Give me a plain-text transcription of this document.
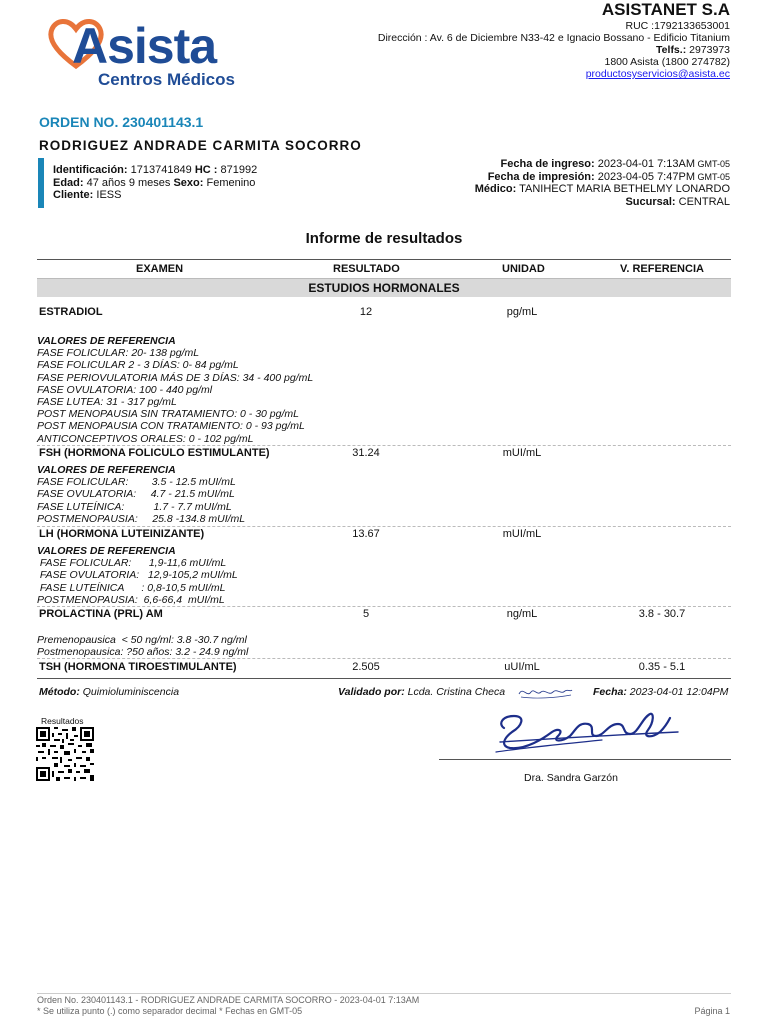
Asista
Centros Médicos
ASISTANET S.A
RUC :1792133653001
Dirección : Av. 6 de Diciembre N33-42 e Ignacio Bossano - Edificio Titanium
Telfs.: 2973973
1800 Asista (1800 274782)
productosyservicios@asista.ec
ORDEN NO. 230401143.1
RODRIGUEZ ANDRADE CARMITA SOCORRO
Identificación: 1713741849 HC : 871992
Edad: 47 años 9 meses Sexo: Femenino
Cliente: IESS
Fecha de ingreso: 2023-04-01 7:13AM GMT-05
Fecha de impresión: 2023-04-05 7:47PM GMT-05
Médico: TANIHECT MARIA BETHELMY LONARDO
Sucursal: CENTRAL
Informe de resultados
EXAMEN	RESULTADO	UNIDAD	V. REFERENCIA
ESTUDIOS HORMONALES
ESTRADIOL	12	pg/mL
VALORES DE REFERENCIA
FASE FOLICULAR: 20- 138 pg/mL
FASE FOLICULAR 2 - 3 DÍAS: 0- 84 pg/mL
FASE PERIOVULATORIA MÁS DE 3 DÍAS: 34 - 400 pg/mL
FASE OVULATORIA: 100 - 440 pg/ml
FASE LUTEA: 31 - 317 pg/mL
POST MENOPAUSIA SIN TRATAMIENTO: 0 - 30 pg/mL
POST MENOPAUSIA CON TRATAMIENTO: 0 - 93 pg/mL
ANTICONCEPTIVOS ORALES: 0 - 102 pg/mL
FSH (HORMONA FOLICULO ESTIMULANTE)	31.24	mUI/mL
VALORES DE REFERENCIA
FASE FOLICULAR:        3.5 - 12.5 mUI/mL
FASE OVULATORIA:     4.7 - 21.5 mUI/mL
FASE LUTEÍNICA:          1.7 - 7.7 mUI/mL
POSTMENOPAUSIA:     25.8 -134.8 mUI/mL
LH (HORMONA LUTEINIZANTE)	13.67	mUI/mL
VALORES DE REFERENCIA
FASE FOLICULAR:      1,9-11,6 mUI/mL
FASE OVULATORIA:   12,9-105,2 mUI/mL
FASE LUTEÍNICA      : 0,8-10,5 mUI/mL
POSTMENOPAUSIA:  6,6-66,4  mUI/mL
PROLACTINA (PRL) AM	5	ng/mL	3.8 - 30.7
Premenopausica  < 50 ng/ml: 3.8 -30.7 ng/ml
Postmenopausica: ?50 años: 3.2 - 24.9 ng/ml
TSH (HORMONA TIROESTIMULANTE)	2.505	uUI/mL	0.35 - 5.1
Método: Quimioluminiscencia	Validado por: Lcda. Cristina Checa	Fecha: 2023-04-01 12:04PM
Resultados
Dra. Sandra Garzón
Orden No. 230401143.1 - RODRIGUEZ ANDRADE CARMITA SOCORRO - 2023-04-01 7:13AM
* Se utiliza punto (.) como separador decimal * Fechas en GMT-05	Página 1
